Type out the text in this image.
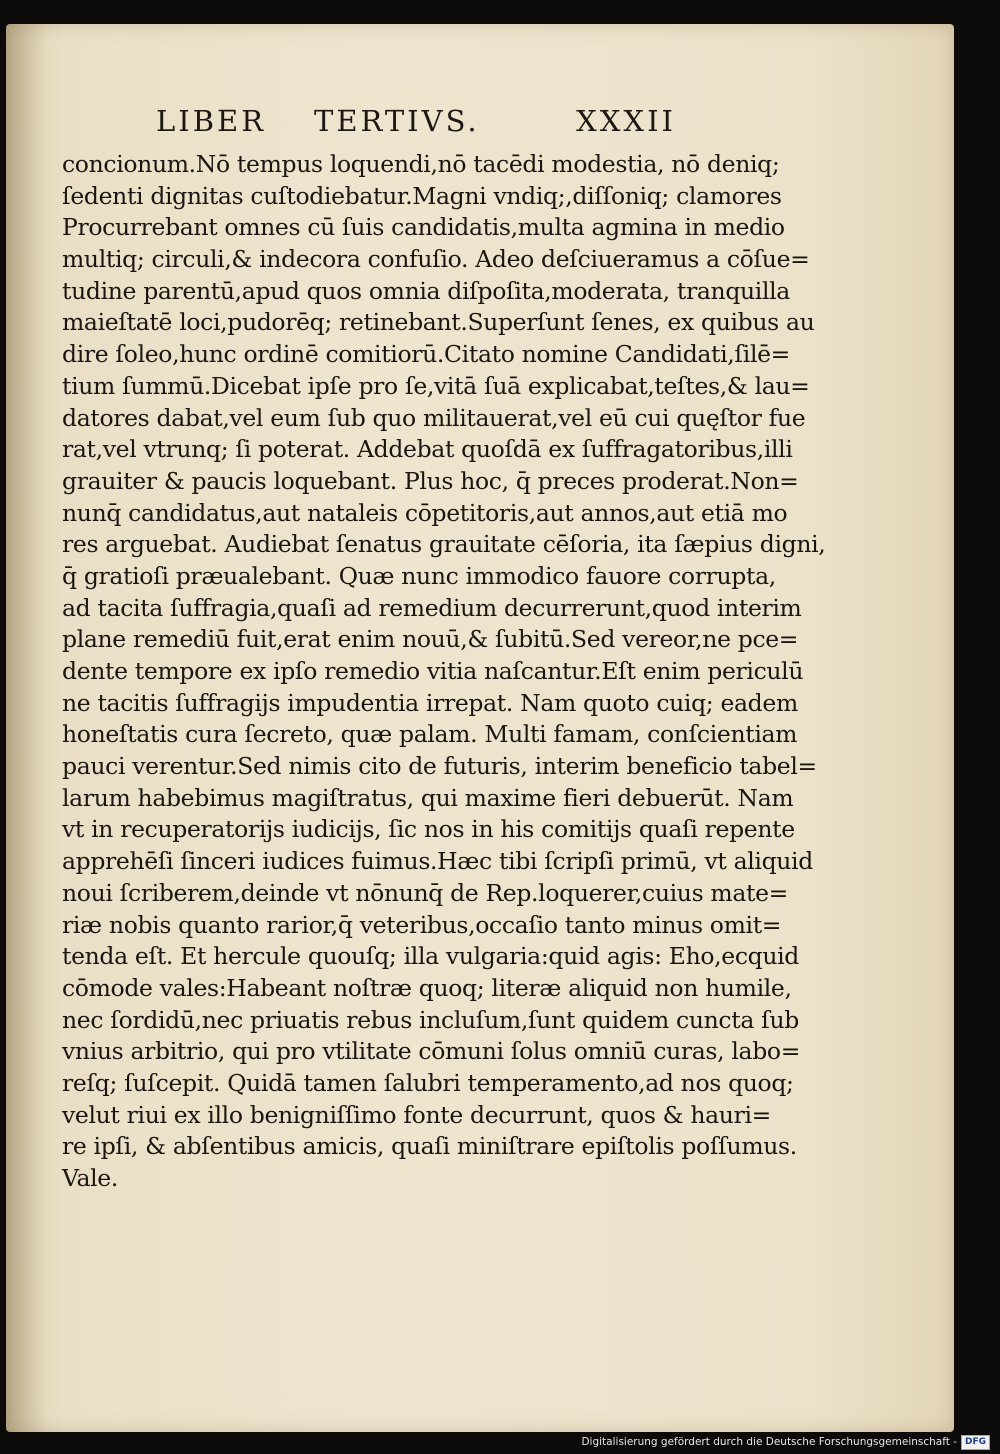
LIBER TERTIVS.	XXXII
concionum.Nō tempus loquendi,nō tacēdi modestia, nō deniq;
ſedenti dignitas cuſtodiebatur.Magni vndiq;,diſſoniq; clamores
Procurrebant omnes cū ſuis candidatis,multa agmina in medio
multiq; circuli,& indecora confuſio. Adeo deſciueramus a cōſue=
tudine parentū,apud quos omnia diſpoſita,moderata, tranquilla
maieſtatē loci,pudorēq; retinebant.Superſunt ſenes, ex quibus au
dire ſoleo,hunc ordinē comitiorū.Citato nomine Candidati,ſilē=
tium ſummū.Dicebat ipſe pro ſe,vitā ſuā explicabat,teſtes,& lau=
datores dabat,vel eum ſub quo militauerat,vel eū cui quęſtor fue
rat,vel vtrunq; ſi poterat. Addebat quoſdā ex ſuffragatoribus,illi
grauiter & paucis loquebant. Plus hoc, q̄ preces proderat.Non=
nunq̄ candidatus,aut nataleis cōpetitoris,aut annos,aut etiā mo
res arguebat. Audiebat ſenatus grauitate cēſoria, ita ſæpius digni,
q̄ gratioſi præualebant. Quæ nunc immodico fauore corrupta,
ad tacita ſuffragia,quaſi ad remedium decurrerunt,quod interim
plane remediū fuit,erat enim nouū,& ſubitū.Sed vereor,ne pce=
dente tempore ex ipſo remedio vitia naſcantur.Eſt enim periculū
ne tacitis ſuffragijs impudentia irrepat. Nam quoto cuiq; eadem
honeſtatis cura ſecreto, quæ palam. Multi famam, conſcientiam
pauci verentur.Sed nimis cito de futuris, interim beneficio tabel=
larum habebimus magiſtratus, qui maxime fieri debuerūt. Nam
vt in recuperatorijs iudicijs, ſic nos in his comitijs quaſi repente
apprehēſi ſinceri iudices fuimus.Hæc tibi ſcripſi primū, vt aliquid
noui ſcriberem,deinde vt nōnunq̄ de Rep.loquerer,cuius mate=
riæ nobis quanto rarior,q̄ veteribus,occaſio tanto minus omit=
tenda eſt. Et hercule quouſq; illa vulgaria:quid agis: Eho,ecquid
cōmode vales:Habeant noſtræ quoq; literæ aliquid non humile,
nec ſordidū,nec priuatis rebus incluſum,ſunt quidem cuncta ſub
vnius arbitrio, qui pro vtilitate cōmuni ſolus omniū curas, labo=
reſq; ſuſcepit. Quidā tamen ſalubri temperamento,ad nos quoq;
velut riui ex illo benigniſſimo fonte decurrunt, quos & hauri=
re ipſi, & abſentibus amicis, quaſi miniſtrare epiſtolis poſſumus.
Vale.
Digitalisierung gefördert durch die Deutsche Forschungsgemeinschaft - DFG
